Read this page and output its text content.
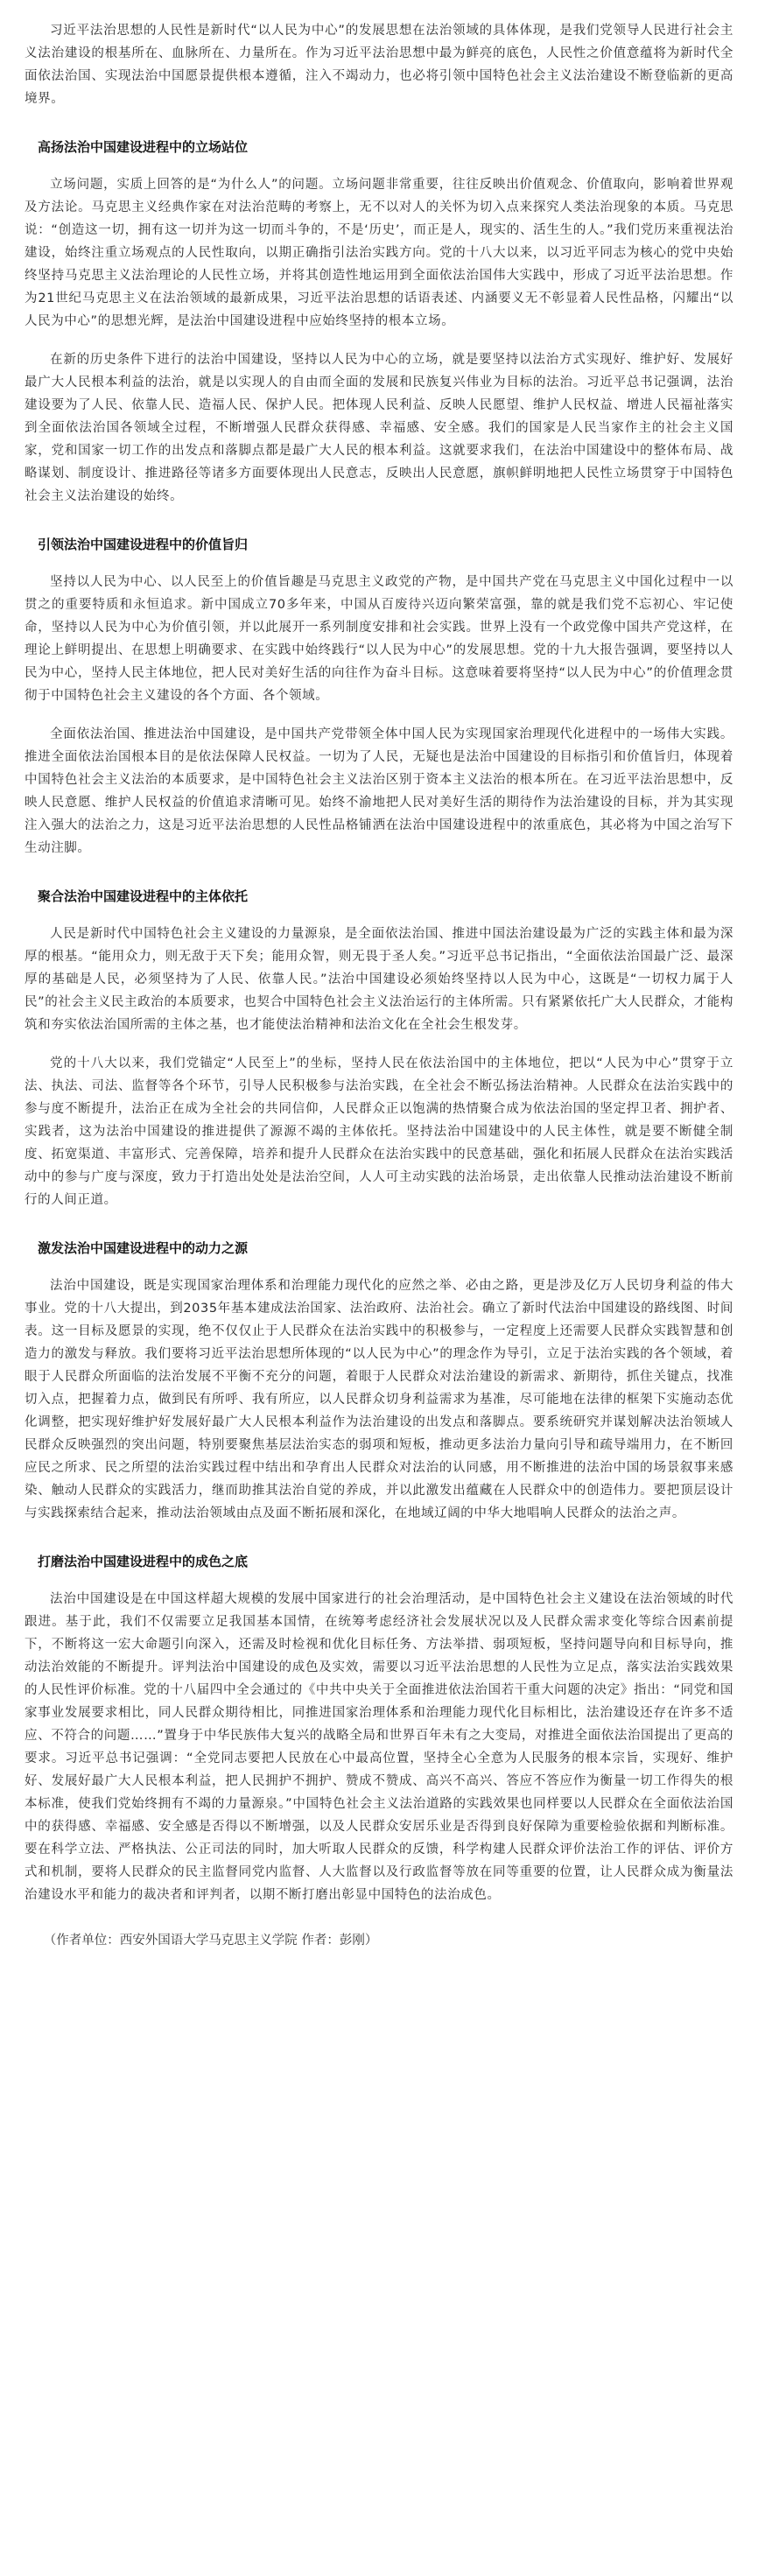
习近平法治思想的人民性是新时代“以人民为中心”的发展思想在法治领域的具体体现，是我们党领导人民进行社会主义法治建设的根基所在、血脉所在、力量所在。作为习近平法治思想中最为鲜亮的底色，人民性之价值意蕴将为新时代全面依法治国、实现法治中国愿景提供根本遵循，注入不竭动力，也必将引领中国特色社会主义法治建设不断登临新的更高境界。

高扬法治中国建设进程中的立场站位

立场问题，实质上回答的是“为什么人”的问题。立场问题非常重要，往往反映出价值观念、价值取向，影响着世界观及方法论。马克思主义经典作家在对法治范畴的考察上，无不以对人的关怀为切入点来探究人类法治现象的本质。马克思说：“创造这一切，拥有这一切并为这一切而斗争的，不是‘历史’，而正是人，现实的、活生生的人。”我们党历来重视法治建设，始终注重立场观点的人民性取向，以期正确指引法治实践方向。党的十八大以来，以习近平同志为核心的党中央始终坚持马克思主义法治理论的人民性立场，并将其创造性地运用到全面依法治国伟大实践中，形成了习近平法治思想。作为21世纪马克思主义在法治领域的最新成果，习近平法治思想的话语表述、内涵要义无不彰显着人民性品格，闪耀出“以人民为中心”的思想光辉，是法治中国建设进程中应始终坚持的根本立场。

在新的历史条件下进行的法治中国建设，坚持以人民为中心的立场，就是要坚持以法治方式实现好、维护好、发展好最广大人民根本利益的法治，就是以实现人的自由而全面的发展和民族复兴伟业为目标的法治。习近平总书记强调，法治建设要为了人民、依靠人民、造福人民、保护人民。把体现人民利益、反映人民愿望、维护人民权益、增进人民福祉落实到全面依法治国各领域全过程，不断增强人民群众获得感、幸福感、安全感。我们的国家是人民当家作主的社会主义国家，党和国家一切工作的出发点和落脚点都是最广大人民的根本利益。这就要求我们，在法治中国建设中的整体布局、战略谋划、制度设计、推进路径等诸多方面要体现出人民意志，反映出人民意愿，旗帜鲜明地把人民性立场贯穿于中国特色社会主义法治建设的始终。

引领法治中国建设进程中的价值旨归

坚持以人民为中心、以人民至上的价值旨趣是马克思主义政党的产物，是中国共产党在马克思主义中国化过程中一以贯之的重要特质和永恒追求。新中国成立70多年来，中国从百废待兴迈向繁荣富强，靠的就是我们党不忘初心、牢记使命，坚持以人民为中心为价值引领，并以此展开一系列制度安排和社会实践。世界上没有一个政党像中国共产党这样，在理论上鲜明提出、在思想上明确要求、在实践中始终践行“以人民为中心”的发展思想。党的十九大报告强调，要坚持以人民为中心，坚持人民主体地位，把人民对美好生活的向往作为奋斗目标。这意味着要将坚持“以人民为中心”的价值理念贯彻于中国特色社会主义建设的各个方面、各个领域。

全面依法治国、推进法治中国建设，是中国共产党带领全体中国人民为实现国家治理现代化进程中的一场伟大实践。推进全面依法治国根本目的是依法保障人民权益。一切为了人民，无疑也是法治中国建设的目标指引和价值旨归，体现着中国特色社会主义法治的本质要求，是中国特色社会主义法治区别于资本主义法治的根本所在。在习近平法治思想中，反映人民意愿、维护人民权益的价值追求清晰可见。始终不渝地把人民对美好生活的期待作为法治建设的目标，并为其实现注入强大的法治之力，这是习近平法治思想的人民性品格铺洒在法治中国建设进程中的浓重底色，其必将为中国之治写下生动注脚。

聚合法治中国建设进程中的主体依托

人民是新时代中国特色社会主义建设的力量源泉，是全面依法治国、推进中国法治建设最为广泛的实践主体和最为深厚的根基。“能用众力，则无敌于天下矣；能用众智，则无畏于圣人矣。”习近平总书记指出，“全面依法治国最广泛、最深厚的基础是人民，必须坚持为了人民、依靠人民。”法治中国建设必须始终坚持以人民为中心，这既是“一切权力属于人民”的社会主义民主政治的本质要求，也契合中国特色社会主义法治运行的主体所需。只有紧紧依托广大人民群众，才能构筑和夯实依法治国所需的主体之基，也才能使法治精神和法治文化在全社会生根发芽。

党的十八大以来，我们党锚定“人民至上”的坐标，坚持人民在依法治国中的主体地位，把以“人民为中心”贯穿于立法、执法、司法、监督等各个环节，引导人民积极参与法治实践，在全社会不断弘扬法治精神。人民群众在法治实践中的参与度不断提升，法治正在成为全社会的共同信仰，人民群众正以饱满的热情聚合成为依法治国的坚定捍卫者、拥护者、实践者，这为法治中国建设的推进提供了源源不竭的主体依托。坚持法治中国建设中的人民主体性，就是要不断健全制度、拓宽渠道、丰富形式、完善保障，培养和提升人民群众在法治实践中的民意基础，强化和拓展人民群众在法治实践活动中的参与广度与深度，致力于打造出处处是法治空间，人人可主动实践的法治场景，走出依靠人民推动法治建设不断前行的人间正道。

激发法治中国建设进程中的动力之源

法治中国建设，既是实现国家治理体系和治理能力现代化的应然之举、必由之路，更是涉及亿万人民切身利益的伟大事业。党的十八大提出，到2035年基本建成法治国家、法治政府、法治社会。确立了新时代法治中国建设的路线图、时间表。这一目标及愿景的实现，绝不仅仅止于人民群众在法治实践中的积极参与，一定程度上还需要人民群众实践智慧和创造力的激发与释放。我们要将习近平法治思想所体现的“以人民为中心”的理念作为导引，立足于法治实践的各个领域，着眼于人民群众所面临的法治发展不平衡不充分的问题，着眼于人民群众对法治建设的新需求、新期待，抓住关键点，找准切入点，把握着力点，做到民有所呼、我有所应，以人民群众切身利益需求为基准，尽可能地在法律的框架下实施动态优化调整，把实现好维护好发展好最广大人民根本利益作为法治建设的出发点和落脚点。要系统研究并谋划解决法治领域人民群众反映强烈的突出问题，特别要聚焦基层法治实态的弱项和短板，推动更多法治力量向引导和疏导端用力，在不断回应民之所求、民之所望的法治实践过程中结出和孕育出人民群众对法治的认同感，用不断推进的法治中国的场景叙事来感染、触动人民群众的实践活力，继而助推其法治自觉的养成，并以此激发出蕴藏在人民群众中的创造伟力。要把顶层设计与实践探索结合起来，推动法治领域由点及面不断拓展和深化，在地域辽阔的中华大地唱响人民群众的法治之声。

打磨法治中国建设进程中的成色之底

法治中国建设是在中国这样超大规模的发展中国家进行的社会治理活动，是中国特色社会主义建设在法治领域的时代跟进。基于此，我们不仅需要立足我国基本国情，在统筹考虑经济社会发展状况以及人民群众需求变化等综合因素前提下，不断将这一宏大命题引向深入，还需及时检视和优化目标任务、方法举措、弱项短板，坚持问题导向和目标导向，推动法治效能的不断提升。评判法治中国建设的成色及实效，需要以习近平法治思想的人民性为立足点，落实法治实践效果的人民性评价标准。党的十八届四中全会通过的《中共中央关于全面推进依法治国若干重大问题的决定》指出：“同党和国家事业发展要求相比，同人民群众期待相比，同推进国家治理体系和治理能力现代化目标相比，法治建设还存在许多不适应、不符合的问题……”置身于中华民族伟大复兴的战略全局和世界百年未有之大变局，对推进全面依法治国提出了更高的要求。习近平总书记强调：“全党同志要把人民放在心中最高位置，坚持全心全意为人民服务的根本宗旨，实现好、维护好、发展好最广大人民根本利益，把人民拥护不拥护、赞成不赞成、高兴不高兴、答应不答应作为衡量一切工作得失的根本标准，使我们党始终拥有不竭的力量源泉。”中国特色社会主义法治道路的实践效果也同样要以人民群众在全面依法治国中的获得感、幸福感、安全感是否得以不断增强，以及人民群众安居乐业是否得到良好保障为重要检验依据和判断标准。要在科学立法、严格执法、公正司法的同时，加大听取人民群众的反馈，科学构建人民群众评价法治工作的评估、评价方式和机制，要将人民群众的民主监督同党内监督、人大监督以及行政监督等放在同等重要的位置，让人民群众成为衡量法治建设水平和能力的裁决者和评判者，以期不断打磨出彰显中国特色的法治成色。

（作者单位：西安外国语大学马克思主义学院 作者：彭刚）
